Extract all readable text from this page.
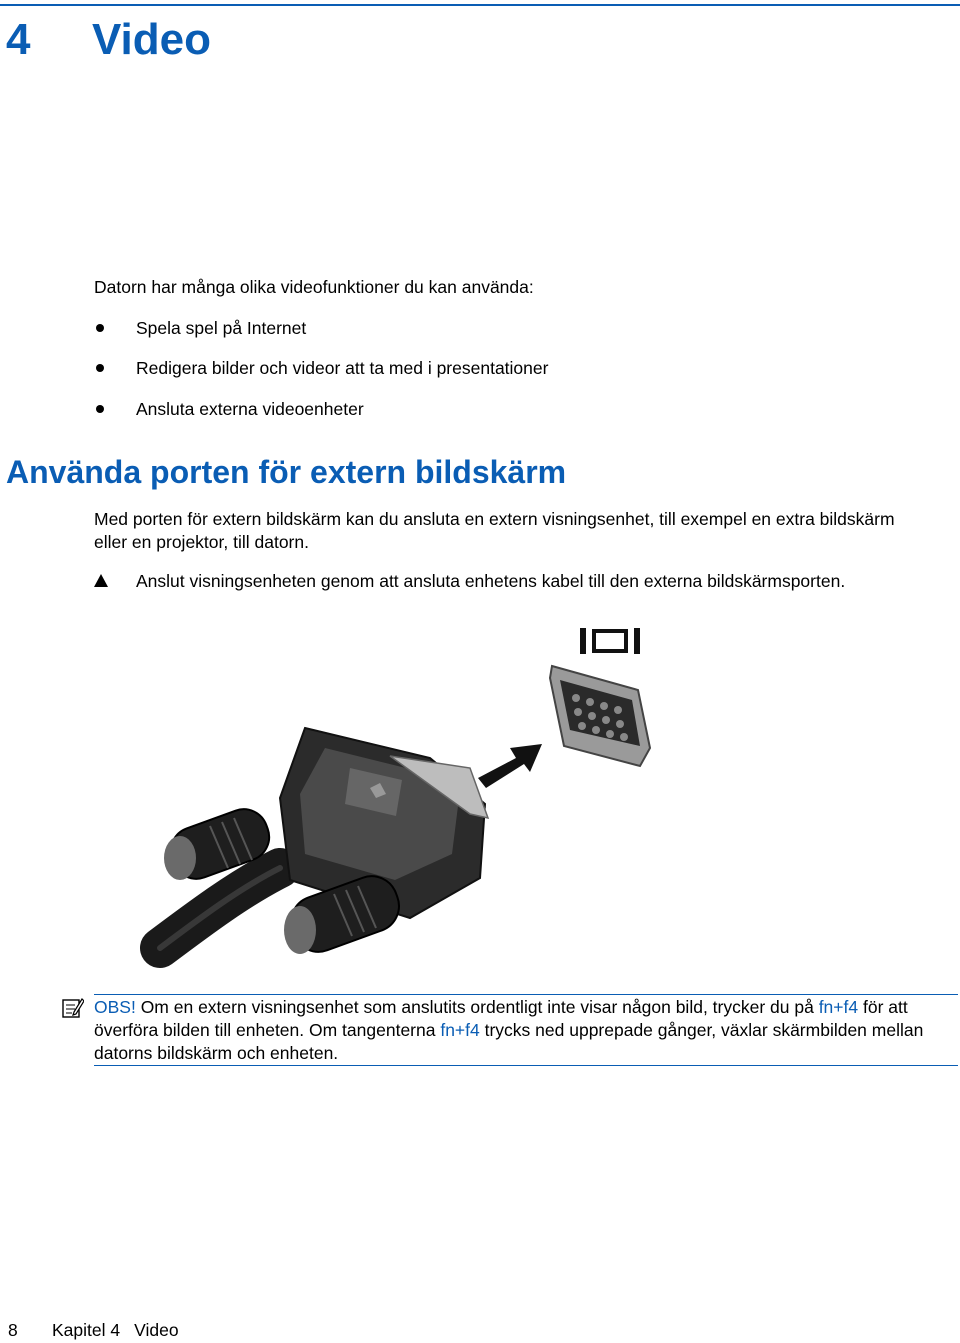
4 Video

Datorn har många olika videofunktioner du kan använda:

Spela spel på Internet

Redigera bilder och videor att ta med i presentationer

Ansluta externa videoenheter

Använda porten för extern bildskärm

Med porten för extern bildskärm kan du ansluta en extern visningsenhet, till exempel en extra bildskärm

eller en projektor, till datorn.

Anslut visningsenheten genom att ansluta enhetens kabel till den externa bildskärmsporten.

OBS! Om en extern visningsenhet som anslutits ordentligt inte visar någon bild, trycker du på fn+f4 för att överföra bilden till enheten. Om tangenterna fn+f4 trycks ned upprepade gånger, växlar skärmbilden mellan datorns bildskärm och enheten.

8 Kapitel 4 Video
